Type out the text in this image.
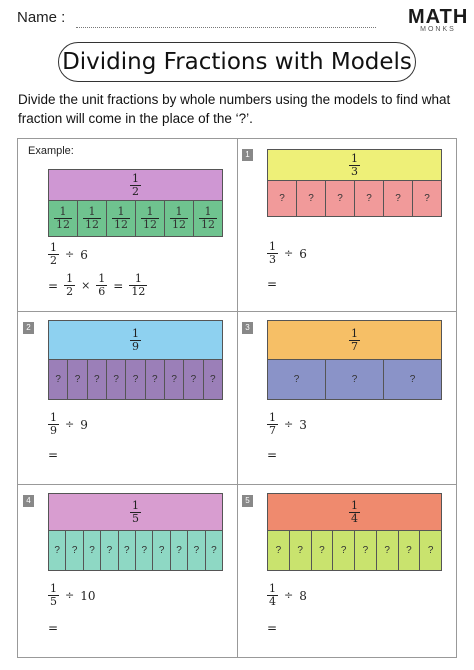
Name :	MATH
MONKS
Dividing Fractions with Models
Divide the unit fractions by whole numbers using the models to find what fraction will come in the place of the ‘?’.
Example:
$\frac{1}{2}$
$\frac{1}{12} \frac{1}{12} \frac{1}{12} \frac{1}{12} \frac{1}{12} \frac{1}{12}$
$\frac{1}{2} \div 6$
= $\frac{1}{2} \times \frac{1}{6} = \frac{1}{12}$
1	$\frac{1}{3}$
?	?	?	?	?	?
$\frac{1}{3} \div 6$
=
2	$\frac{1}{9}$
?	?	?	?	?	?	?	?	?
$\frac{1}{9} \div 9$
=
3	$\frac{1}{7}$
?	?	?
$\frac{1}{7} \div 3$
=
4	$\frac{1}{5}$
?	?	?	?	?	?	?	?	?	?
$\frac{1}{5} \div 10$
=
5	$\frac{1}{4}$
?	?	?	?	?	?	?	?
$\frac{1}{4} \div 8$
=
